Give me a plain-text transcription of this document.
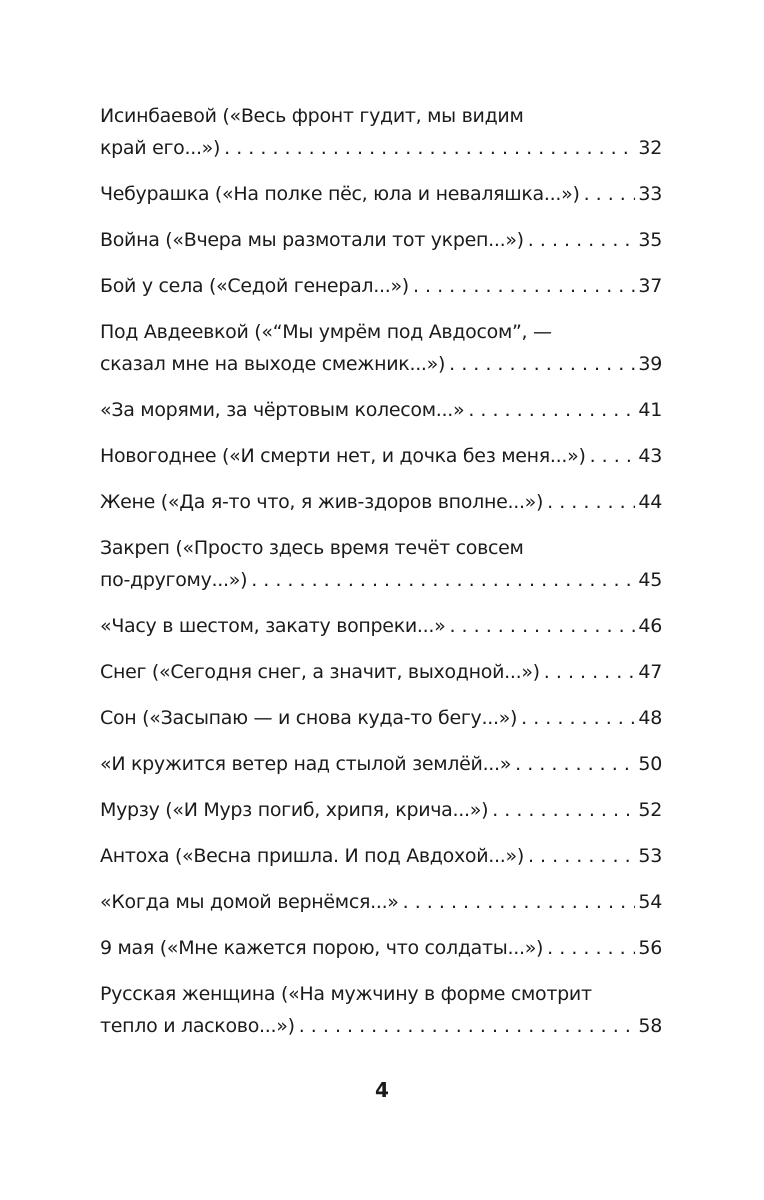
Исинбаевой («Весь фронт гудит, мы видим
край его...») . . .	32
Чебурашка («На полке пёс, юла и неваляшка...») . . .	33
Война («Вчера мы размотали тот укреп...») . . .	35
Бой у села («Седой генерал...») . . .	37
Под Авдеевкой («“Мы умрём под Авдосом”, —
сказал мне на выходе смежник...») . . .	39
«За морями, за чёртовым колесом...» . . .	41
Новогоднее («И смерти нет, и дочка без меня...») . . .	43
Жене («Да я-то что, я жив-здоров вполне...») . . .	44
Закреп («Просто здесь время течёт совсем
по-другому...») . . .	45
«Часу в шестом, закату вопреки...» . . .	46
Снег («Сегодня снег, а значит, выходной...») . . .	47
Сон («Засыпаю — и снова куда-то бегу...») . . .	48
«И кружится ветер над стылой землёй...» . . .	50
Мурзу («И Мурз погиб, хрипя, крича...») . . .	52
Антоха («Весна пришла. И под Авдохой...») . . .	53
«Когда мы домой вернёмся...» . . .	54
9 мая («Мне кажется порою, что солдаты...») . . .	56
Русская женщина («На мужчину в форме смотрит
тепло и ласково...») . . .	58
4
